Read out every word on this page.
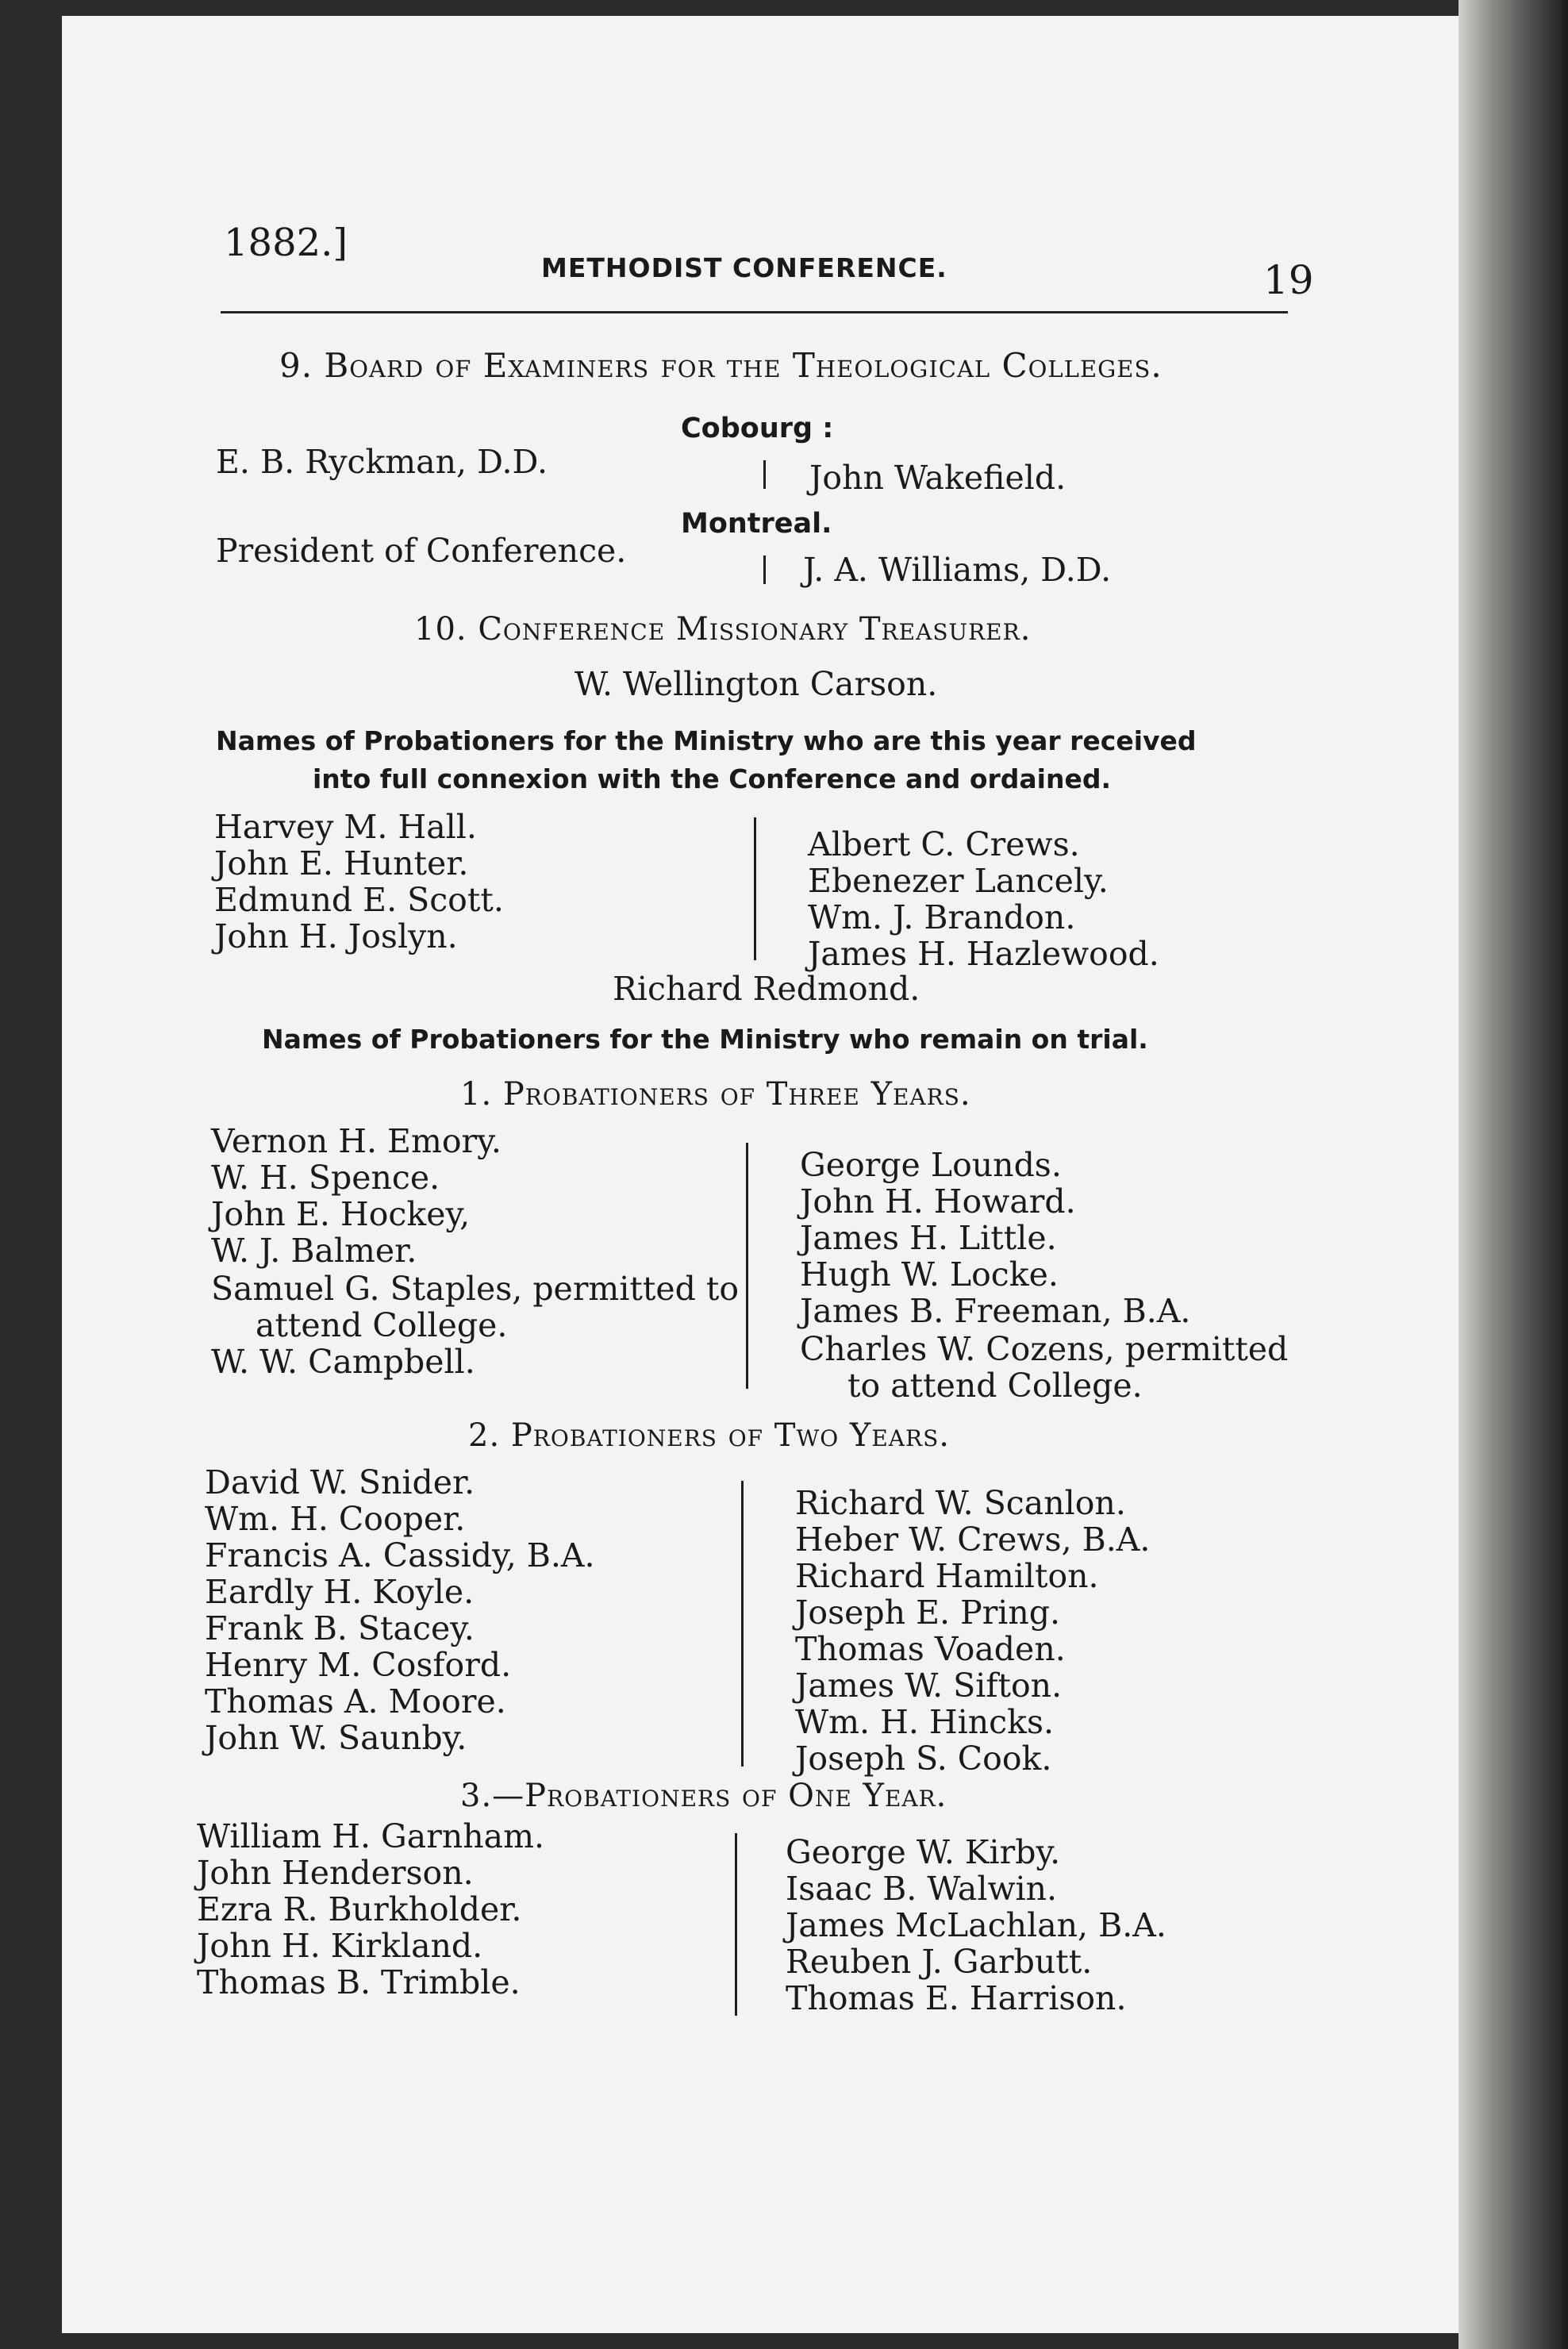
1882.]
METHODIST CONFERENCE.	19
9. Board of Examiners for the Theological Colleges.
Cobourg :
E. B. Ryckman, D.D.	John Wakefield.
Montreal.
President of Conference.	J. A. Williams, D.D.
10. Conference Missionary Treasurer.
W. Wellington Carson.
Names of Probationers for the Ministry who are this year received
into full connexion with the Conference and ordained.
Harvey M. Hall.
John E. Hunter.
Edmund E. Scott.
John H. Joslyn.
Albert C. Crews.
Ebenezer Lancely.
Wm. J. Brandon.
James H. Hazlewood.
Richard Redmond.
Names of Probationers for the Ministry who remain on trial.
1. Probationers of Three Years.
Vernon H. Emory.
W. H. Spence.
John E. Hockey,
W. J. Balmer.
Samuel G. Staples, permitted to
attend College.
W. W. Campbell.
George Lounds.
John H. Howard.
James H. Little.
Hugh W. Locke.
James B. Freeman, B.A.
Charles W. Cozens, permitted
to attend College.
2. Probationers of Two Years.
David W. Snider.
Wm. H. Cooper.
Francis A. Cassidy, B.A.
Eardly H. Koyle.
Frank B. Stacey.
Henry M. Cosford.
Thomas A. Moore.
John W. Saunby.
Richard W. Scanlon.
Heber W. Crews, B.A.
Richard Hamilton.
Joseph E. Pring.
Thomas Voaden.
James W. Sifton.
Wm. H. Hincks.
Joseph S. Cook.
3.—Probationers of One Year.
William H. Garnham.
John Henderson.
Ezra R. Burkholder.
John H. Kirkland.
Thomas B. Trimble.
George W. Kirby.
Isaac B. Walwin.
James McLachlan, B.A.
Reuben J. Garbutt.
Thomas E. Harrison.
